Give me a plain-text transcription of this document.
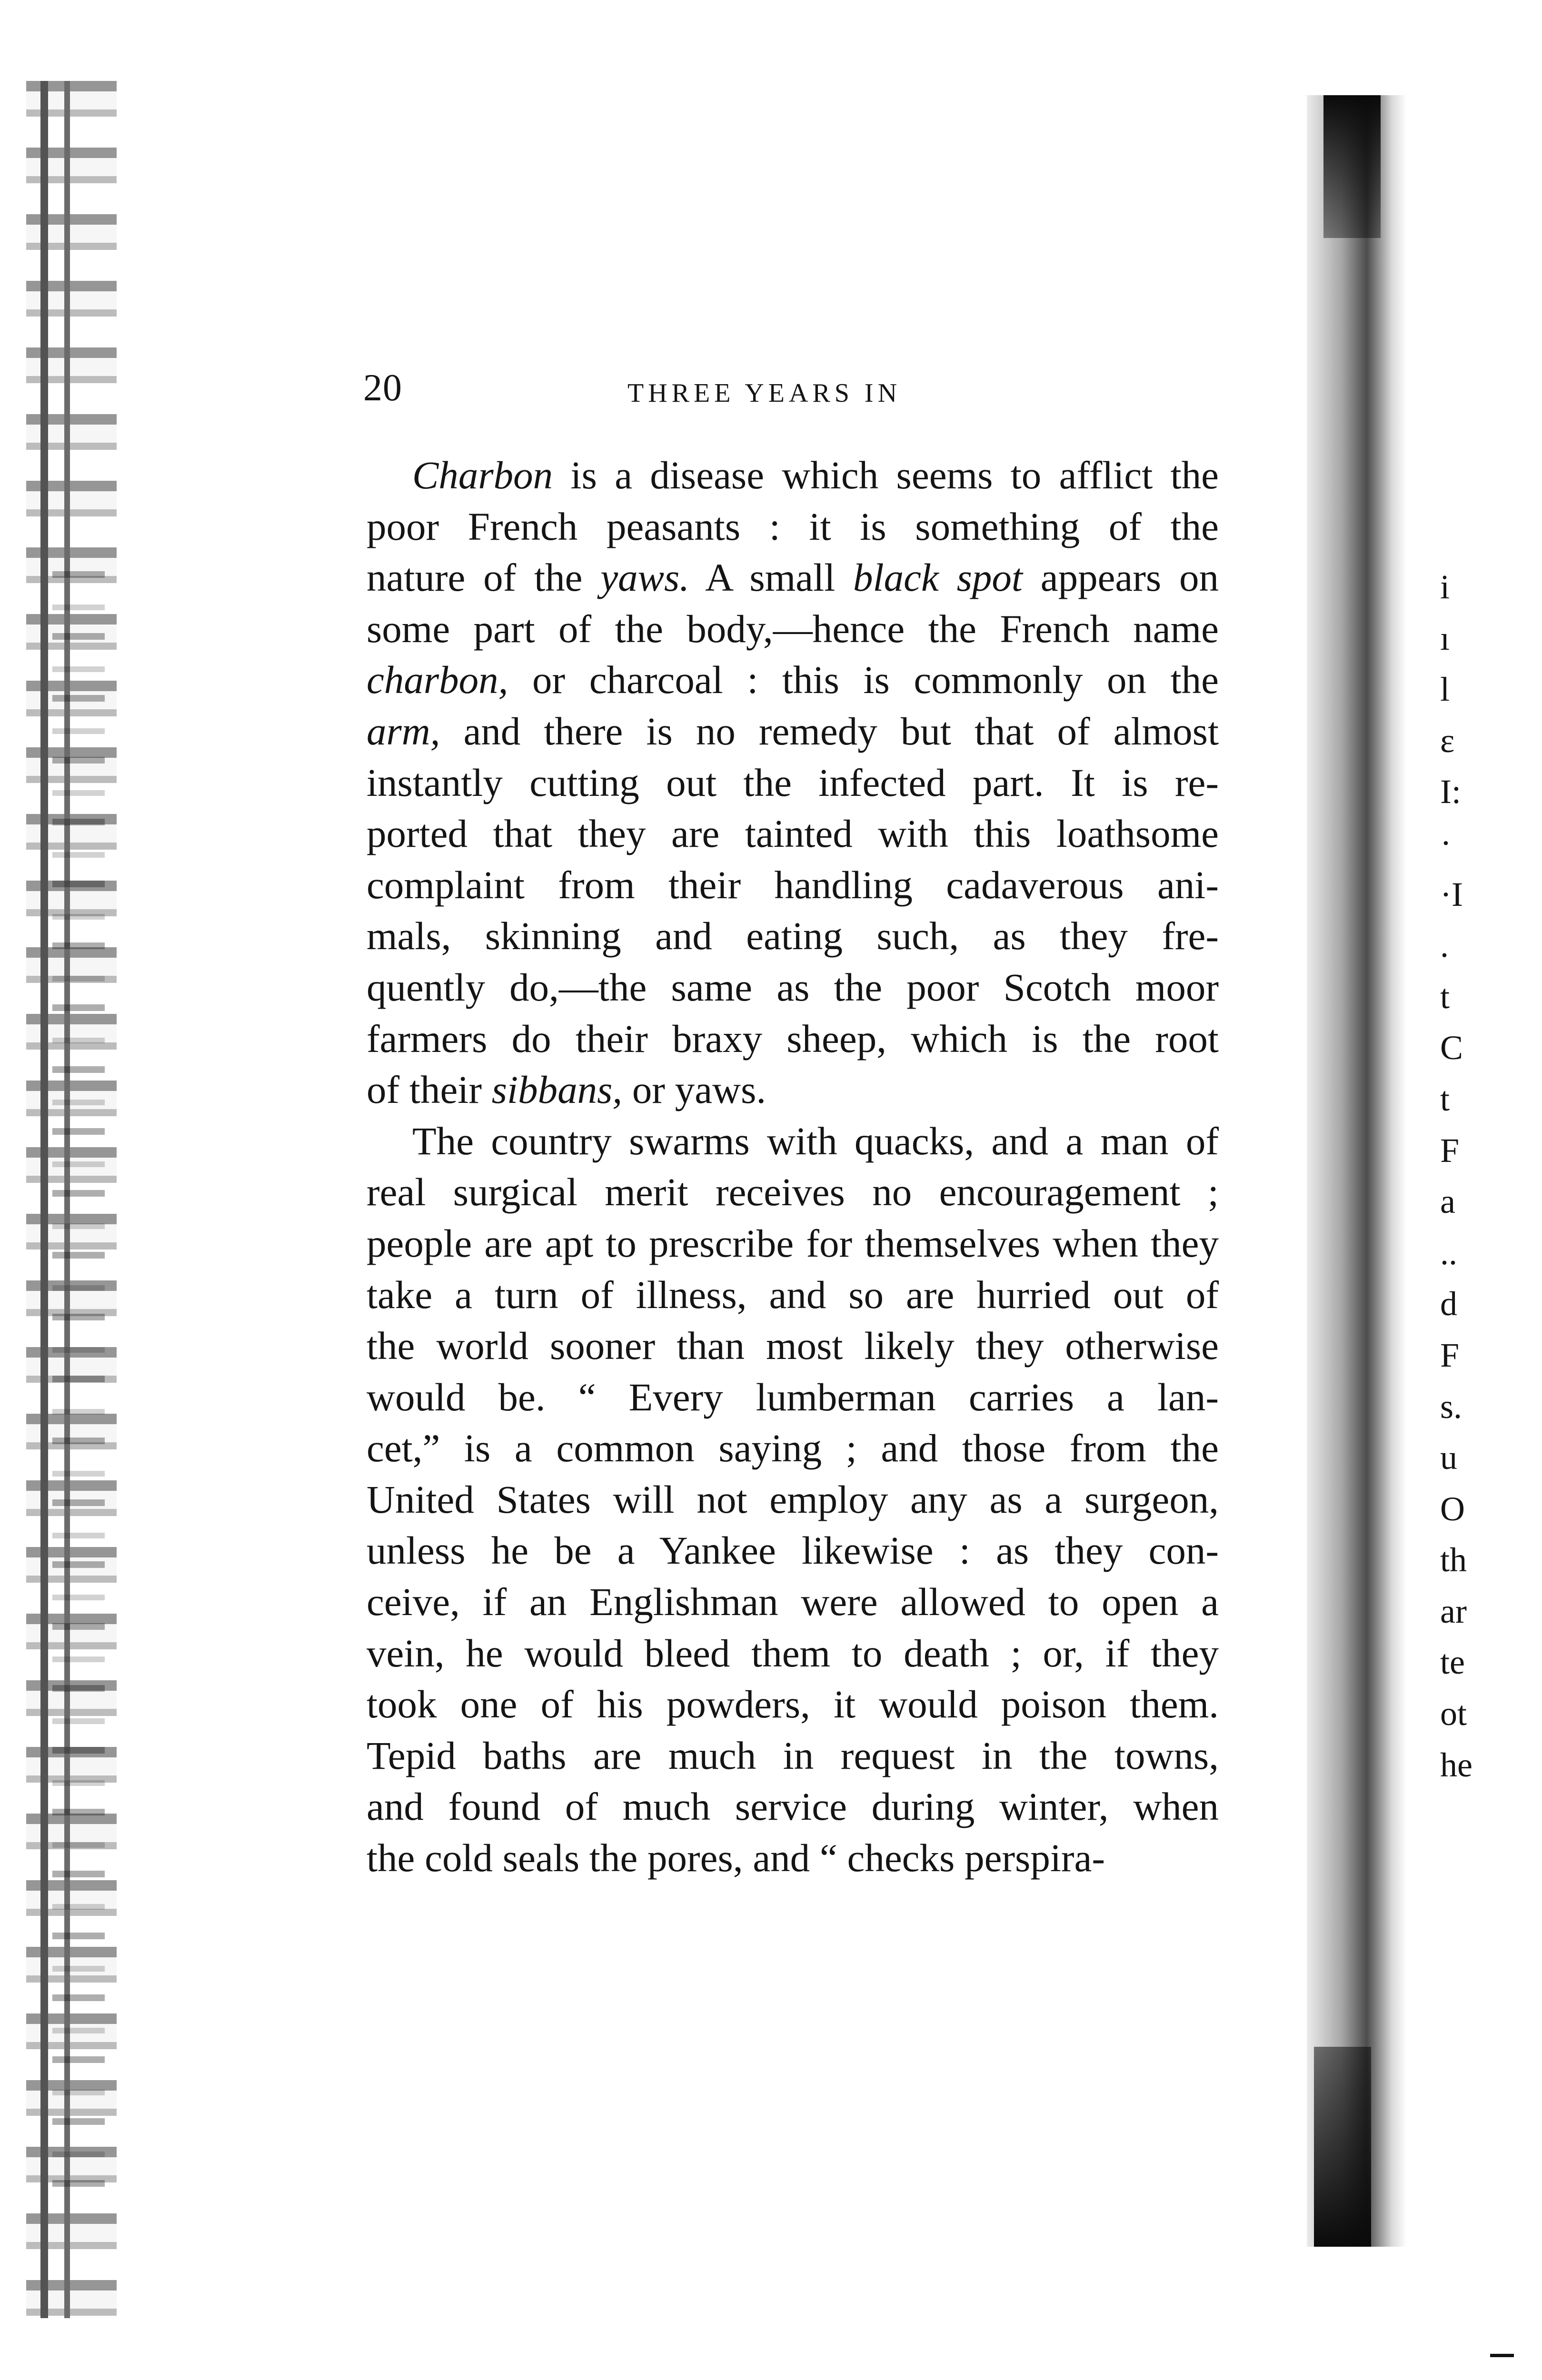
20	THREE YEARS IN
Charbon is a disease which seems to afflict the
poor French peasants : it is something of the
nature of the yaws. A small black spot appears on
some part of the body,—hence the French name
charbon, or charcoal : this is commonly on the
arm, and there is no remedy but that of almost
instantly cutting out the infected part. It is re-
ported that they are tainted with this loathsome
complaint from their handling cadaverous ani-
mals, skinning and eating such, as they fre-
quently do,—the same as the poor Scotch moor
farmers do their braxy sheep, which is the root
of their sibbans, or yaws.
The country swarms with quacks, and a man of
real surgical merit receives no encouragement ;
people are apt to prescribe for themselves when they
take a turn of illness, and so are hurried out of
the world sooner than most likely they otherwise
would be. “ Every lumberman carries a lan-
cet,” is a common saying ; and those from the
United States will not employ any as a surgeon,
unless he be a Yankee likewise : as they con-
ceive, if an Englishman were allowed to open a
vein, he would bleed them to death ; or, if they
took one of his powders, it would poison them.
Tepid baths are much in request in the towns,
and found of much service during winter, when
the cold seals the pores, and “ checks perspira-
i
ı
l
ε
I:
·
·I
.
t
C
t
F
a
..
d
F
s.
u
O
th
ar
te
ot
he
